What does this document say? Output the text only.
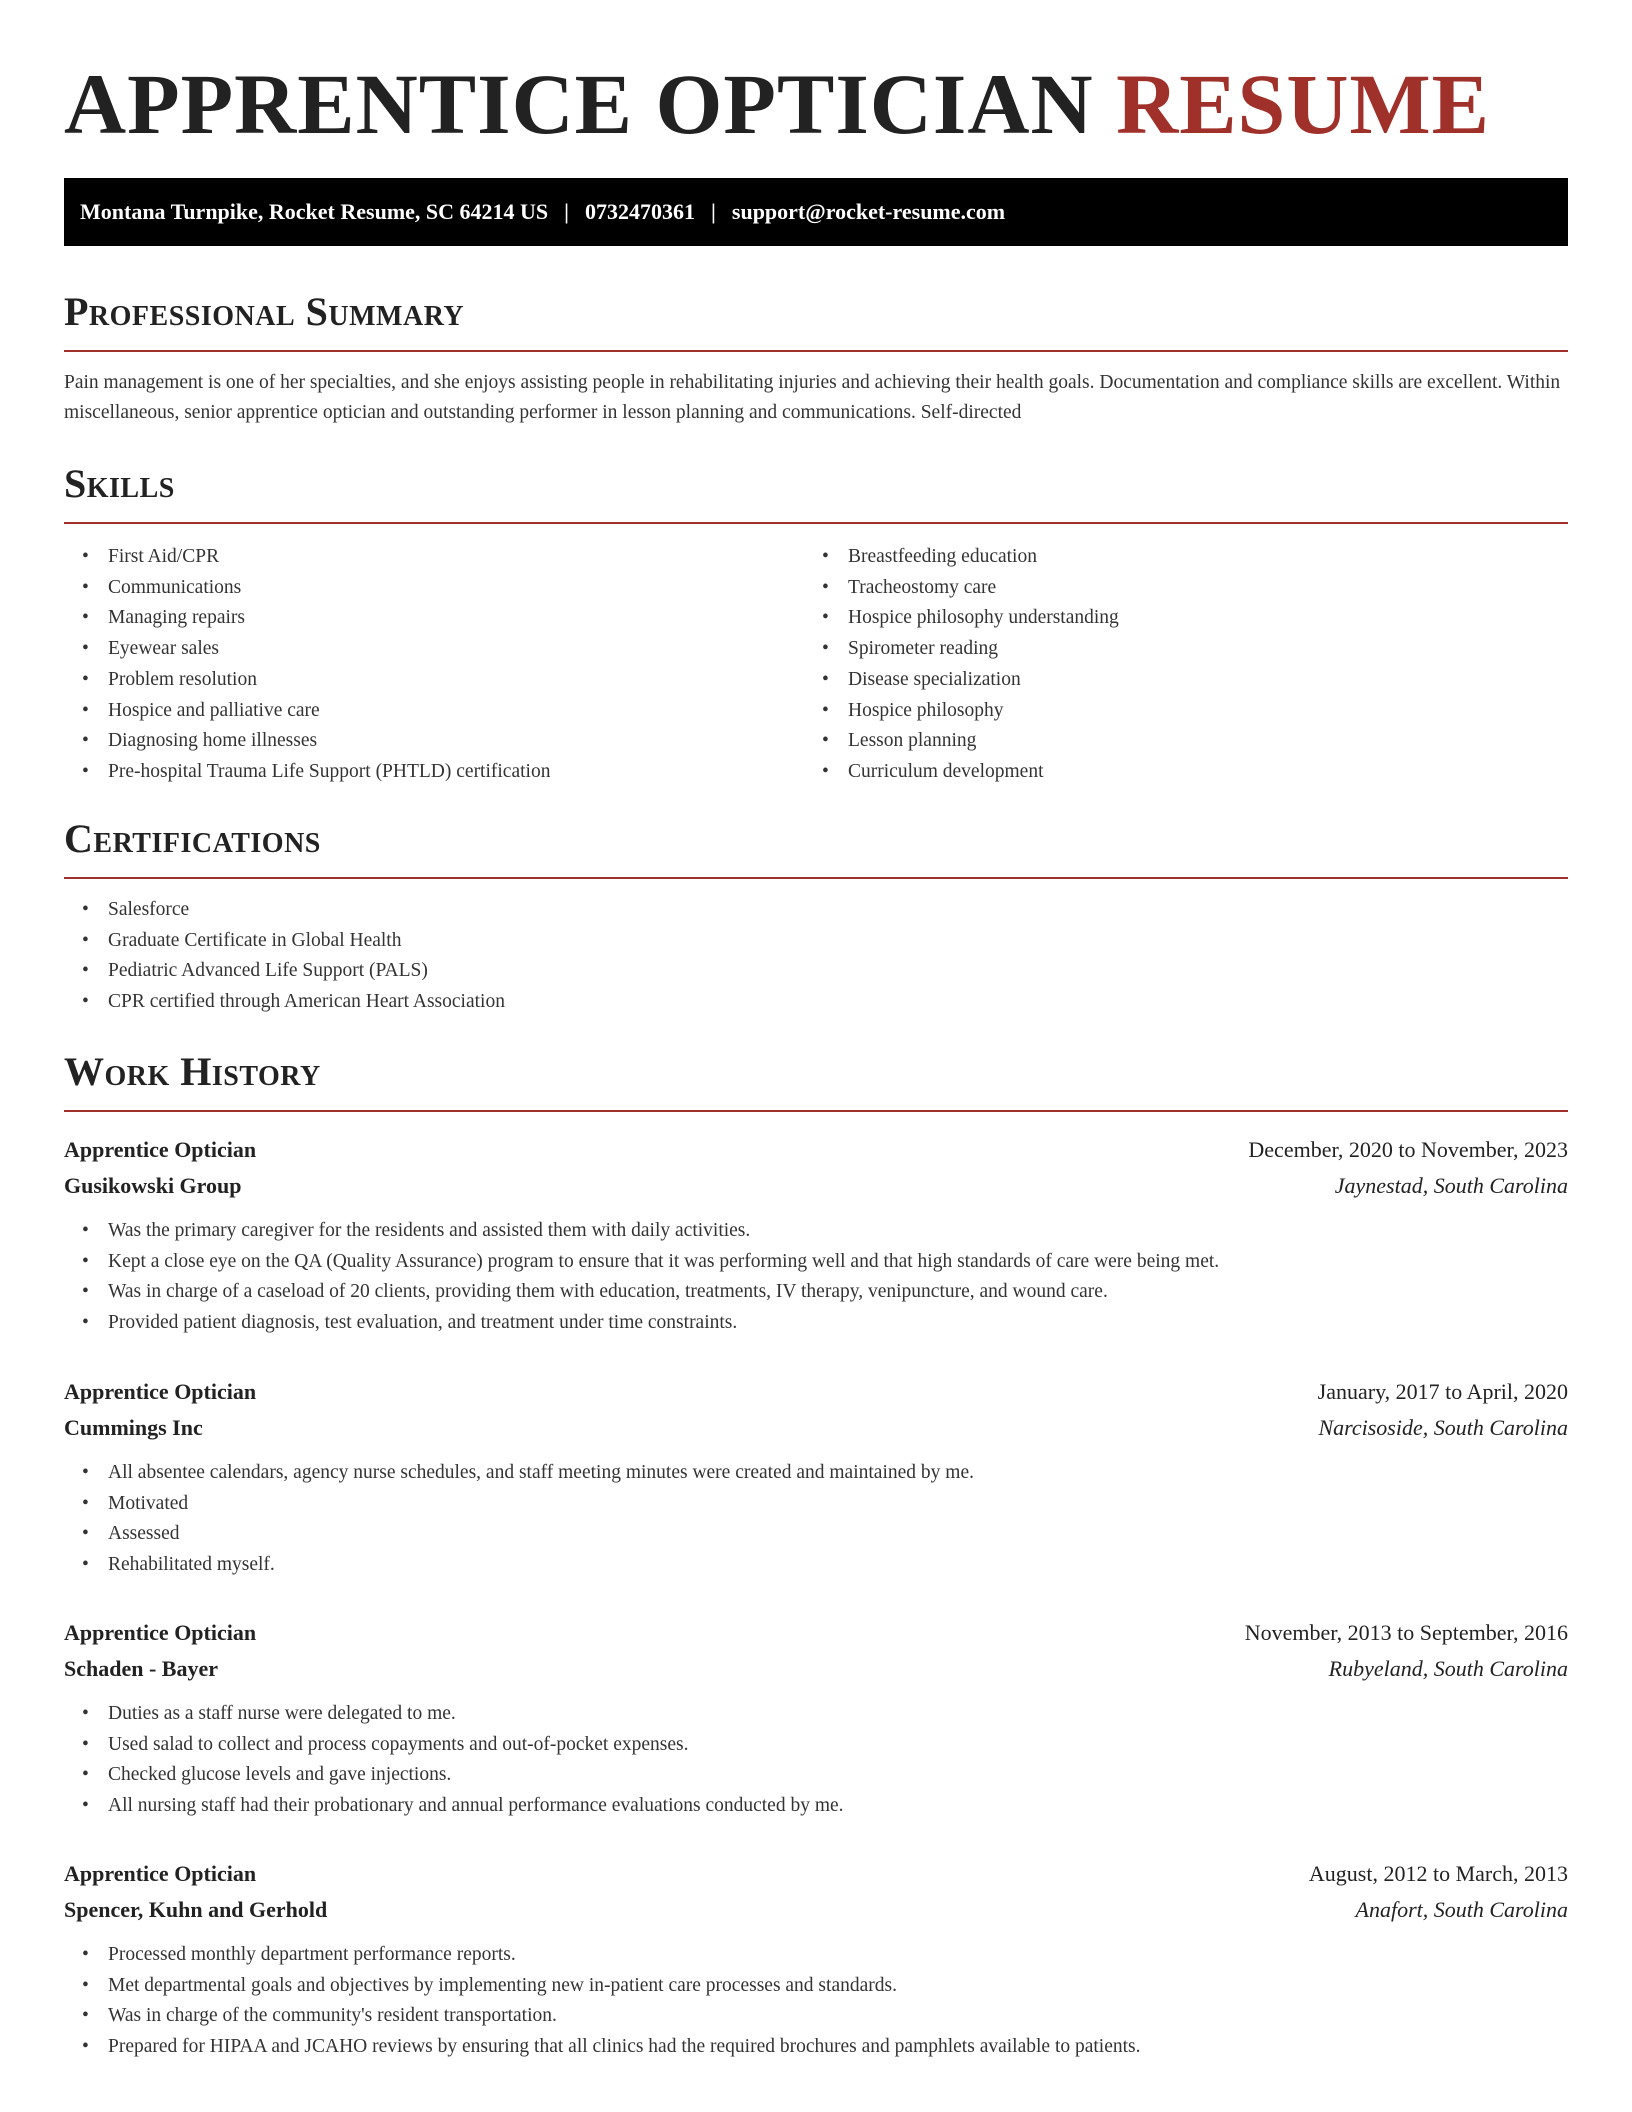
APPRENTICE OPTICIAN RESUME
Montana Turnpike, Rocket Resume, SC 64214 US | 0732470361 | support@rocket-resume.com
Professional Summary

Pain management is one of her specialties, and she enjoys assisting people in rehabilitating injuries and achieving their health goals. Documentation and compliance skills are excellent. Within miscellaneous, senior apprentice optician and outstanding performer in lesson planning and communications. Self-directed

Skills
• First Aid/CPR
• Communications
• Managing repairs
• Eyewear sales
• Problem resolution
• Hospice and palliative care
• Diagnosing home illnesses
• Pre-hospital Trauma Life Support (PHTLD) certification
• Breastfeeding education
• Tracheostomy care
• Hospice philosophy understanding
• Spirometer reading
• Disease specialization
• Hospice philosophy
• Lesson planning
• Curriculum development
Certifications
• Salesforce
• Graduate Certificate in Global Health
• Pediatric Advanced Life Support (PALS)
• CPR certified through American Heart Association
Work History
Apprentice Optician	December, 2020 to November, 2023
Gusikowski Group	Jaynestad, South Carolina
• Was the primary caregiver for the residents and assisted them with daily activities.
• Kept a close eye on the QA (Quality Assurance) program to ensure that it was performing well and that high standards of care were being met.
• Was in charge of a caseload of 20 clients, providing them with education, treatments, IV therapy, venipuncture, and wound care.
• Provided patient diagnosis, test evaluation, and treatment under time constraints.
Apprentice Optician	January, 2017 to April, 2020
Cummings Inc	Narcisoside, South Carolina
• All absentee calendars, agency nurse schedules, and staff meeting minutes were created and maintained by me.
• Motivated
• Assessed
• Rehabilitated myself.
Apprentice Optician	November, 2013 to September, 2016
Schaden - Bayer	Rubyeland, South Carolina
• Duties as a staff nurse were delegated to me.
• Used salad to collect and process copayments and out-of-pocket expenses.
• Checked glucose levels and gave injections.
• All nursing staff had their probationary and annual performance evaluations conducted by me.
Apprentice Optician	August, 2012 to March, 2013
Spencer, Kuhn and Gerhold	Anafort, South Carolina
• Processed monthly department performance reports.
• Met departmental goals and objectives by implementing new in-patient care processes and standards.
• Was in charge of the community's resident transportation.
• Prepared for HIPAA and JCAHO reviews by ensuring that all clinics had the required brochures and pamphlets available to patients.
